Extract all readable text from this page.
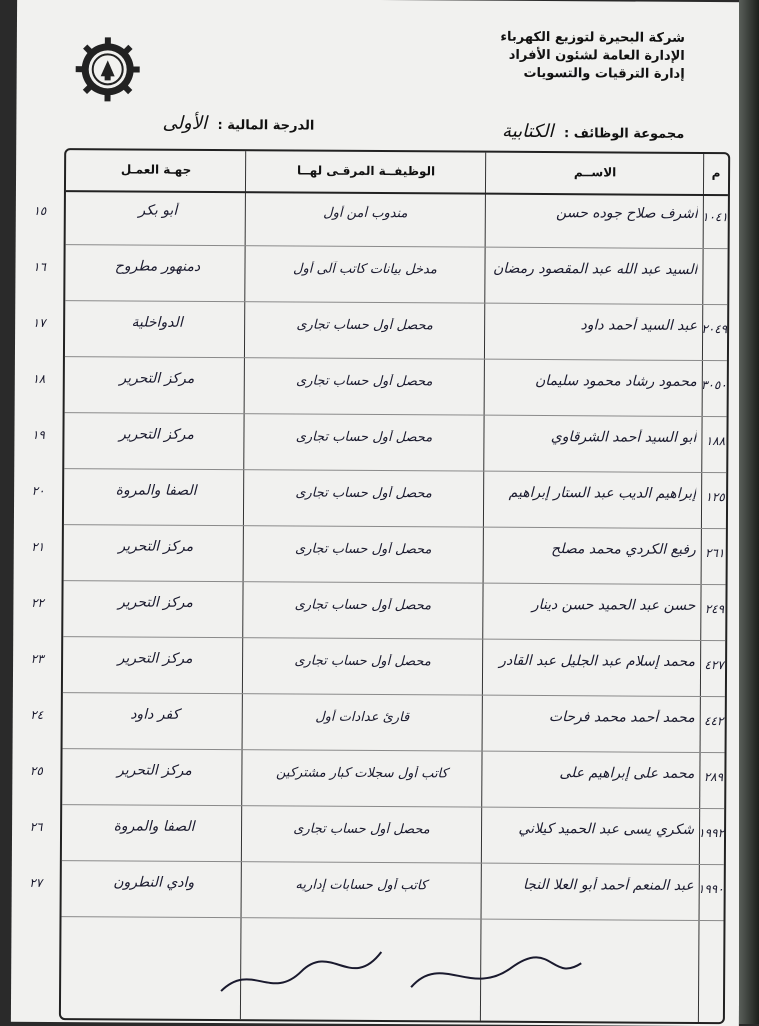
شركة البحيرة لتوزيع الكهرباء
الإدارة العامة لشئون الأفراد
إدارة الترقيات والتسويات
مجموعة الوظائف : الكتابية
الدرجة المالية : الأولى
م
الاســم
الوظيفــة المرقـى لهــا
جهـة العمـل
١٠٤١
أشرف صلاح جوده حسن
مندوب أمن أول
أبو بكر
١٥
السيد عبد الله عبد المقصود رمضان
مدخل بيانات كاتب آلى أول
دمنهور مطروح
١٦
٢٠٤٩
عبد السيد أحمد داود
محصل أول حساب تجارى
الدواخلية
١٧
٣٠٥٠
محمود رشاد محمود سليمان
محصل أول حساب تجارى
مركز التحرير
١٨
١٨٨
أبو السيد أحمد الشرقاوي
محصل أول حساب تجارى
مركز التحرير
١٩
١٢٥
إبراهيم الديب عبد الستار إبراهيم
محصل أول حساب تجارى
الصفا والمروة
٢٠
٢٦١
رفيع الكردي محمد مصلح
محصل أول حساب تجارى
مركز التحرير
٢١
٢٤٩
حسن عبد الحميد حسن دينار
محصل أول حساب تجارى
مركز التحرير
٢٢
٤٢٧
محمد إسلام عبد الجليل عبد القادر
محصل أول حساب تجارى
مركز التحرير
٢٣
٤٤٢
محمد أحمد محمد فرحات
قارئ عدادات أول
كفر داود
٢٤
٢٨٩
محمد على إبراهيم على
كاتب أول سجلات كبار مشتركين
مركز التحرير
٢٥
١٩٩٢
شكري يسى عبد الحميد كيلاني
محصل أول حساب تجارى
الصفا والمروة
٢٦
١٩٩٠
عبد المنعم أحمد أبو العلا النجا
كاتب أول حسابات إداريه
وادي النطرون
٢٧
